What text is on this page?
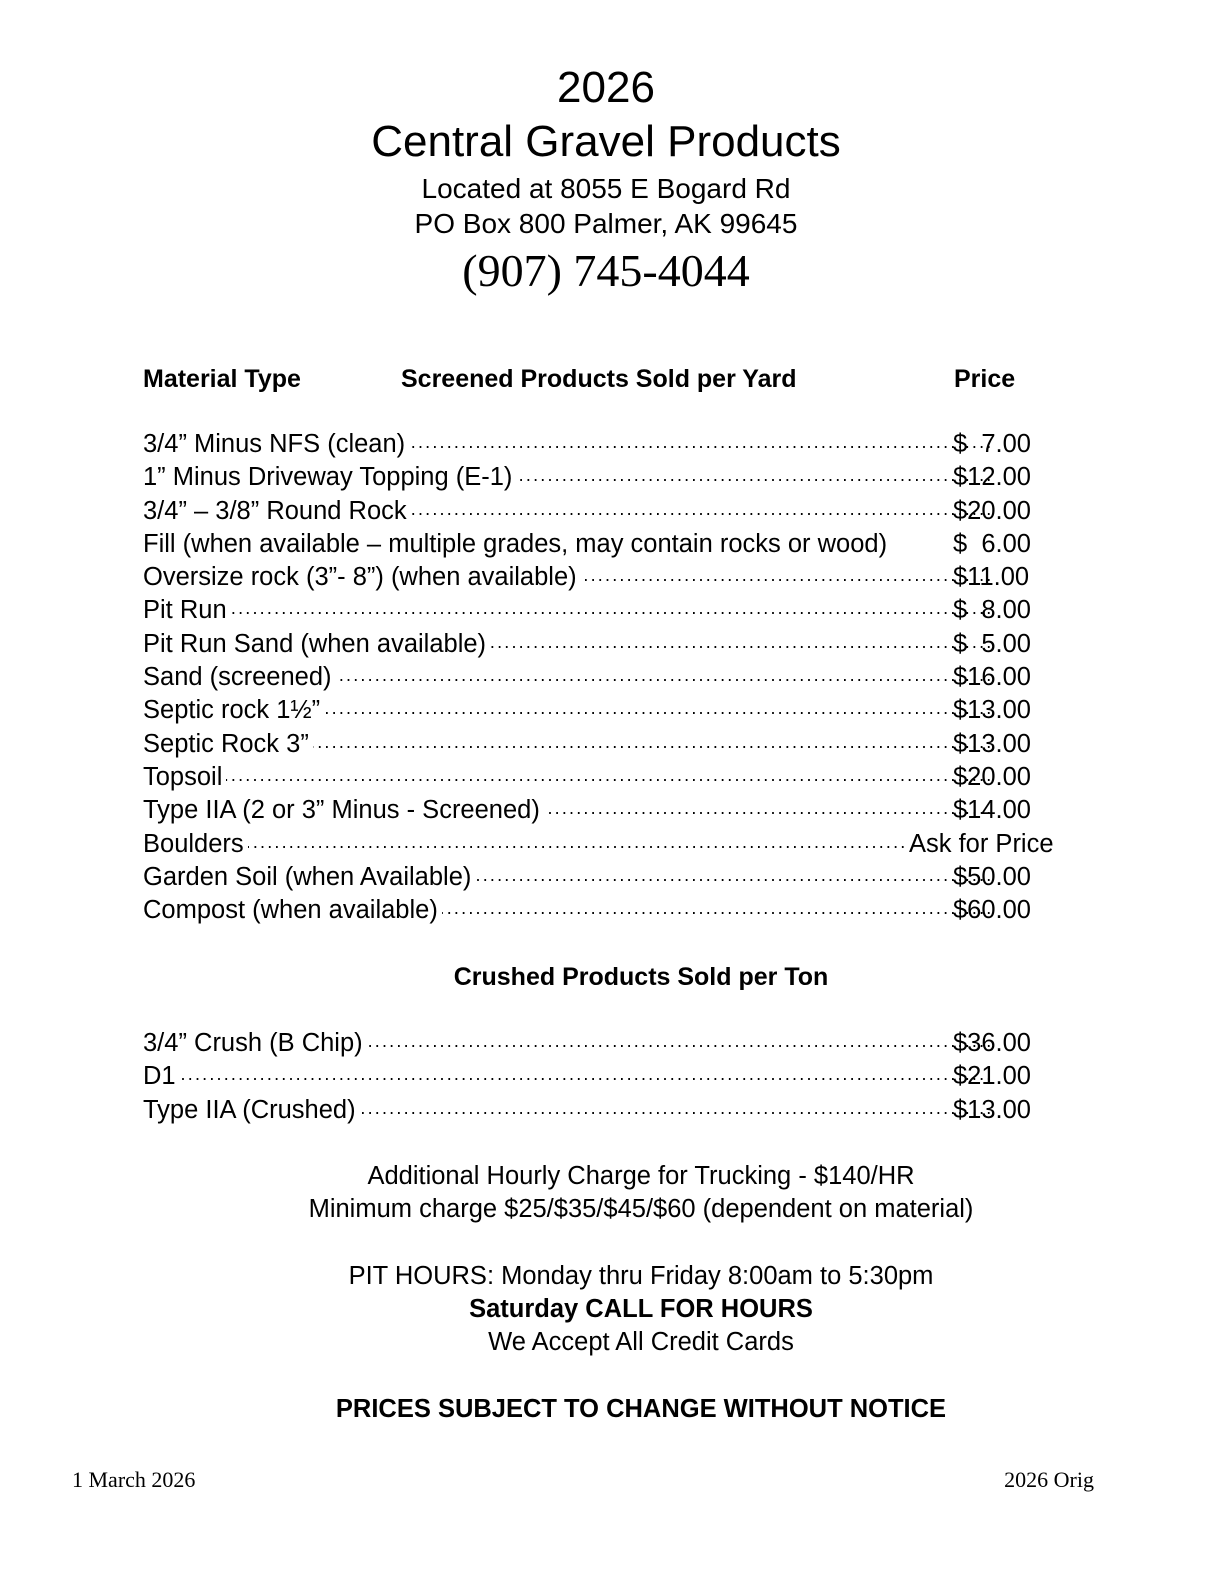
2026
Central Gravel Products
Located at 8055 E Bogard Rd
PO Box 800 Palmer, AK 99645
(907) 745-4044
Material Type	Screened Products Sold per Yard	Price
·····
3/4” Minus NFS (clean)	$  7.00
·····
1” Minus Driveway Topping (E-1)	$12.00
·····
3/4” – 3/8” Round Rock	$20.00
Fill (when available – multiple grades, may contain rocks or wood)	$  6.00
·····
Oversize rock (3”- 8”) (when available)	$11.00
·····
Pit Run	$  8.00
·····
Pit Run Sand (when available)	$  5.00
·····
Sand (screened)	$16.00
·····
Septic rock 1½”	$13.00
·····
Septic Rock 3”	$13.00
·····
Topsoil	$20.00
·····
Type IIA (2 or 3” Minus - Screened)	$14.00
·····
Boulders	Ask for Price
·····
Garden Soil (when Available)	$50.00
·····
Compost (when available)	$60.00
Crushed Products Sold per Ton
·····
3/4” Crush (B Chip)	$36.00
·····
D1	$21.00
·····
Type IIA (Crushed)	$13.00
Additional Hourly Charge for Trucking - $140/HR
Minimum charge $25/$35/$45/$60 (dependent on material)
PIT HOURS: Monday thru Friday 8:00am to 5:30pm
Saturday CALL FOR HOURS
We Accept All Credit Cards
PRICES SUBJECT TO CHANGE WITHOUT NOTICE
1 March 2026	2026 Orig
